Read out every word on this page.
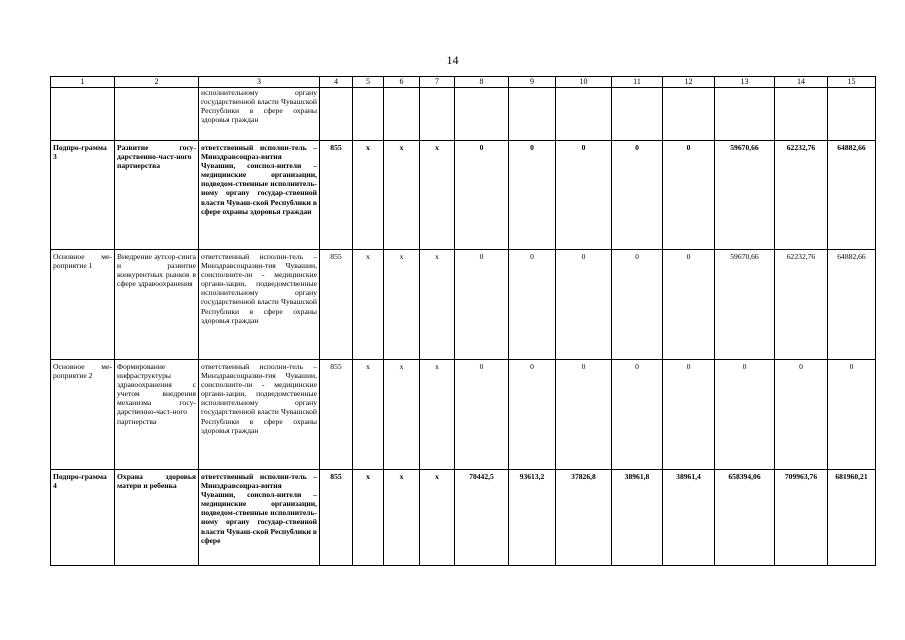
14
1	2	3	4	5	6	7	8	9	10	11	12	13	14	15
		исполнительному органу государственной власти Чувашской Республики в сфере охраны здоровья граждан												
Подпро-грамма 3	Развитие госу-дарственно-част-ного партнерства	ответственный исполни-тель – Минздравсоцраз-вития Чувашии, соиспол-нители – медицинские организации, подведом-ственные исполнитель-ному органу государ-ственной власти Чуваш-ской Республики в сфере охраны здоровья граждан	855	x	x	x	0	0	0	0	0	59670,66	62232,76	64882,66
Основное ме-роприятие 1	Внедрение аутсор-синга и развитие конкурентных рынков в сфере здравоохранения	ответственный исполни-тель – Минздравсоцразви-тия Чувашии, соисполните-ли - медицинские органи-зации, подведомственные исполнительному органу государственной власти Чувашской Республики в сфере охраны здоровья граждан	855	x	x	x	0	0	0	0	0	59670,66	62232,76	64882,66
Основное ме-роприятие 2	Формирование инфраструктуры здравоохранения с учетом внедрения механизма госу-дарственно-част-ного партнерства	ответственный исполни-тель – Минздравсоцразви-тия Чувашии, соисполните-ли - медицинские органи-зации, подведомственные исполнительному органу государственной власти Чувашской Республики в сфере охраны здоровья граждан	855	x	x	x	0	0	0	0	0	0	0	0
Подпро-грамма 4	Охрана здоровья матери и ребенка	ответственный исполни-тель – Минздравсоцраз-вития Чувашии, соиспол-нители – медицинские организации, подведом-ственные исполнитель-ному органу государ-ственной власти Чуваш-ской Республики в сфере	855	x	x	x	70442,5	93613,2	37826,8	38961,8	38961,4	658394,06	709963,76	681960,21
